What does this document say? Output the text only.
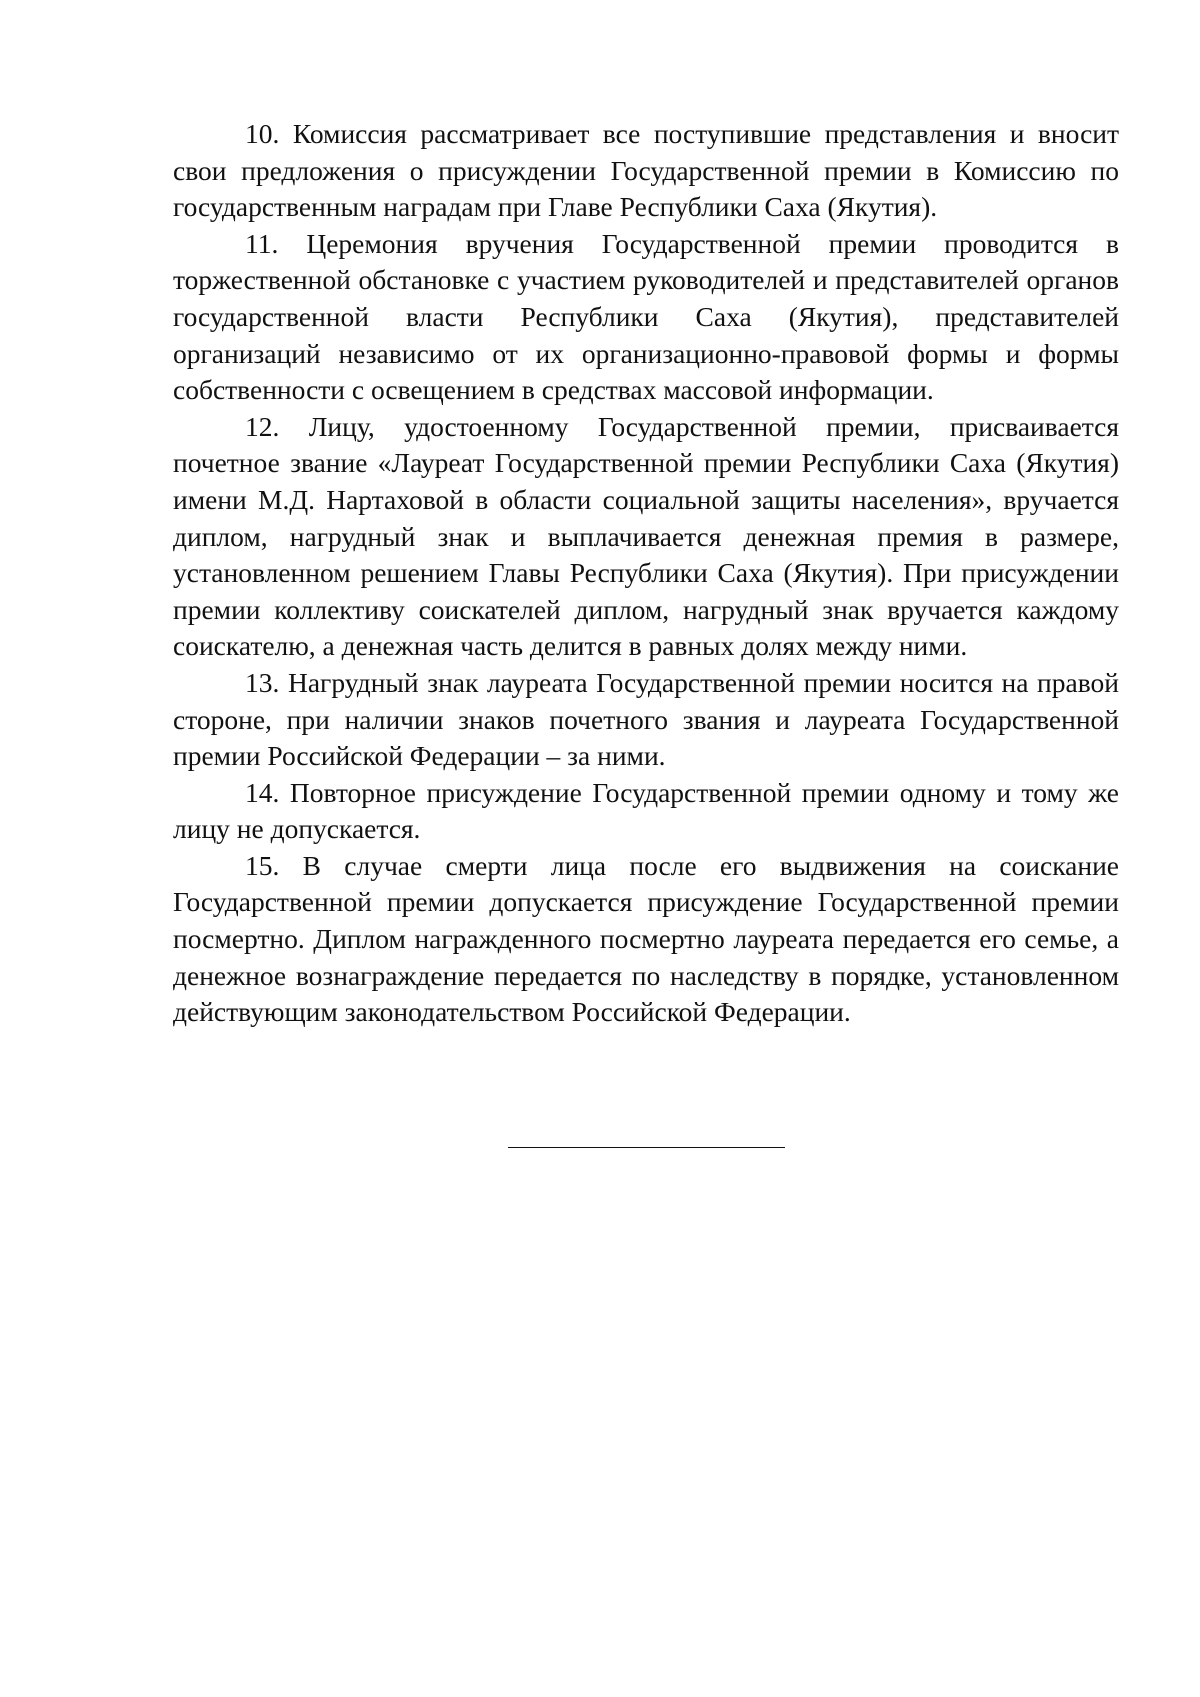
10. Комиссия рассматривает все поступившие представления и вносит свои предложения о присуждении Государственной премии в Комиссию по государственным наградам при Главе Республики Саха (Якутия).

11. Церемония вручения Государственной премии проводится в торжественной обстановке с участием руководителей и представителей органов государственной власти Республики Саха (Якутия), представителей организаций независимо от их организационно-правовой формы и формы собственности с освещением в средствах массовой информации.

12. Лицу, удостоенному Государственной премии, присваивается почетное звание «Лауреат Государственной премии Республики Саха (Якутия) имени М.Д. Нартаховой в области социальной защиты населения», вручается диплом, нагрудный знак и выплачивается денежная премия в размере, установленном решением Главы Республики Саха (Якутия). При присуждении премии коллективу соискателей диплом, нагрудный знак вручается каждому соискателю, а денежная часть делится в равных долях между ними.

13. Нагрудный знак лауреата Государственной премии носится на правой стороне, при наличии знаков почетного звания и лауреата Государственной премии Российской Федерации – за ними.

14. Повторное присуждение Государственной премии одному и тому же лицу не допускается.

15. В случае смерти лица после его выдвижения на соискание Государственной премии допускается присуждение Государственной премии посмертно. Диплом награжденного посмертно лауреата передается его семье, а денежное вознаграждение передается по наследству в порядке, установленном действующим законодательством Российской Федерации.
